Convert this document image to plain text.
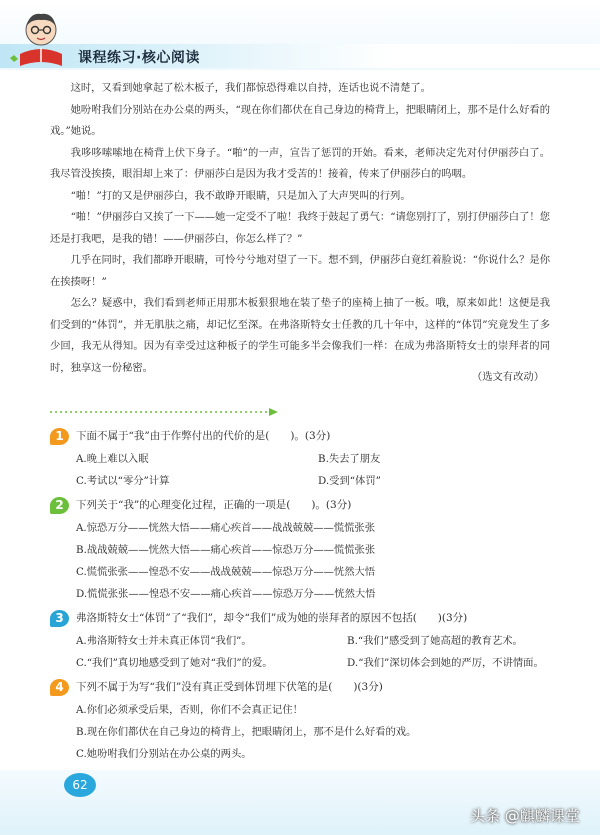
课程练习·核心阅读

这时，又看到她拿起了松木板子，我们都惊恐得难以自持，连话也说不清楚了。

她吩咐我们分别站在办公桌的两头，“现在你们都伏在自己身边的椅背上，把眼睛闭上，那不是什么好看的戏。”她说。

我哆哆嗦嗦地在椅背上伏下身子。“啪”的一声，宣告了惩罚的开始。看来，老师决定先对付伊丽莎白了。我尽管没挨揍，眼泪却上来了：伊丽莎白是因为我才受苦的！接着，传来了伊丽莎白的呜咽。

“啪！”打的又是伊丽莎白，我不敢睁开眼睛，只是加入了大声哭叫的行列。

“啪！”伊丽莎白又挨了一下——她一定受不了啦！我终于鼓起了勇气：“请您别打了，别打伊丽莎白了！您还是打我吧，是我的错！——伊丽莎白，你怎么样了？”

几乎在同时，我们都睁开眼睛，可怜兮兮地对望了一下。想不到，伊丽莎白竟红着脸说：“你说什么？是你在挨揍呀！”

怎么？疑惑中，我们看到老师正用那木板狠狠地在装了垫子的座椅上抽了一板。哦，原来如此！这便是我们受到的“体罚”，并无肌肤之痛，却记忆至深。在弗洛斯特女士任教的几十年中，这样的“体罚”究竟发生了多少回，我无从得知。因为有幸受过这种板子的学生可能多半会像我们一样：在成为弗洛斯特女士的崇拜者的同时，独享这一份秘密。

（选文有改动）
1	下面不属于“我”由于作弊付出的代价的是(　　)。(3分)
A.晚上难以入眠	B.失去了朋友
C.考试以“零分”计算	D.受到“体罚”
2	下列关于“我”的心理变化过程，正确的一项是(　　)。(3分)
A.惊恐万分——恍然大悟——痛心疾首——战战兢兢——慌慌张张
B.战战兢兢——恍然大悟——痛心疾首——惊恐万分——慌慌张张
C.慌慌张张——惶恐不安——战战兢兢——惊恐万分——恍然大悟
D.慌慌张张——惶恐不安——痛心疾首——惊恐万分——恍然大悟
3	弗洛斯特女士“体罚”了“我们”，却令“我们”成为她的崇拜者的原因不包括(　　)(3分)
A.弗洛斯特女士并未真正体罚“我们”。	B.“我们”感受到了她高超的教育艺术。
C.“我们”真切地感受到了她对“我们”的爱。	D.“我们”深切体会到她的严厉，不讲情面。
4	下列不属于为写“我们”没有真正受到体罚埋下伏笔的是(　　)(3分)
A.你们必须承受后果，否则，你们不会真正记住！
B.现在你们都伏在自己身边的椅背上，把眼睛闭上，那不是什么好看的戏。
C.她吩咐我们分别站在办公桌的两头。
62
头条 @麒麟课堂
